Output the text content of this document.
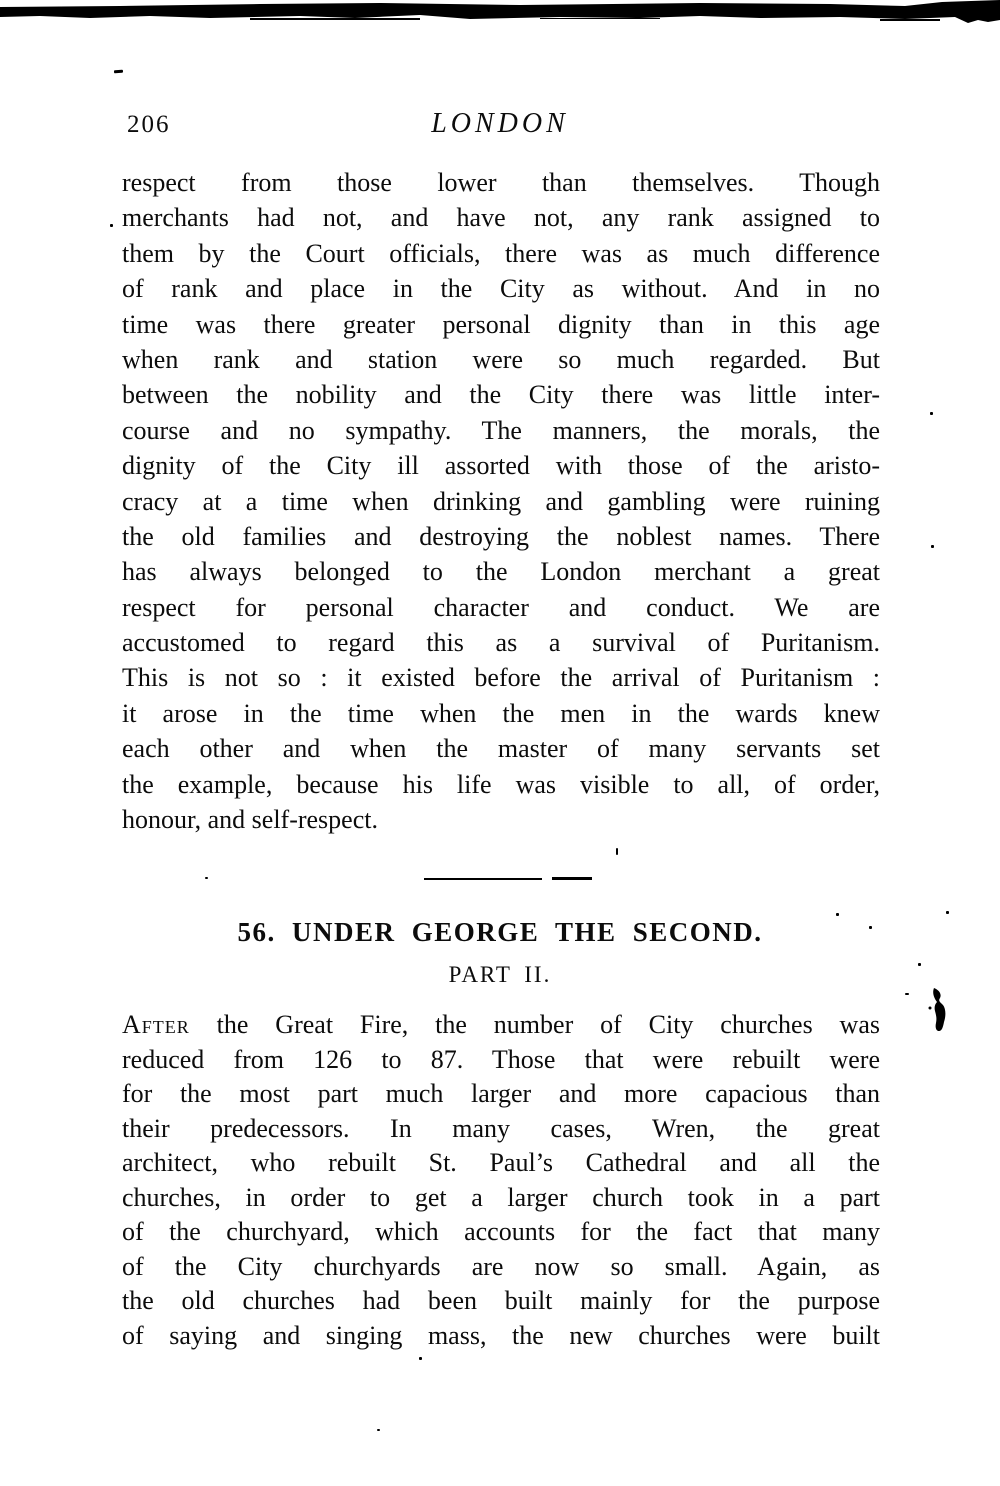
206	LONDON
respect from those lower than themselves. Though
merchants had not, and have not, any rank assigned to
them by the Court officials, there was as much difference
of rank and place in the City as without. And in no
time was there greater personal dignity than in this age
when rank and station were so much regarded. But
between the nobility and the City there was little inter-
course and no sympathy. The manners, the morals, the
dignity of the City ill assorted with those of the aristo-
cracy at a time when drinking and gambling were ruining
the old families and destroying the noblest names. There
has always belonged to the London merchant a great
respect for personal character and conduct. We are
accustomed to regard this as a survival of Puritanism.
This is not so : it existed before the arrival of Puritanism :
it arose in the time when the men in the wards knew
each other and when the master of many servants set
the example, because his life was visible to all, of order,
honour, and self-respect.
56. UNDER GEORGE THE SECOND.
PART II.
After the Great Fire, the number of City churches was
reduced from 126 to 87. Those that were rebuilt were
for the most part much larger and more capacious than
their predecessors. In many cases, Wren, the great
architect, who rebuilt St. Paul’s Cathedral and all the
churches, in order to get a larger church took in a part
of the churchyard, which accounts for the fact that many
of the City churchyards are now so small. Again, as
the old churches had been built mainly for the purpose
of saying and singing mass, the new churches were built
